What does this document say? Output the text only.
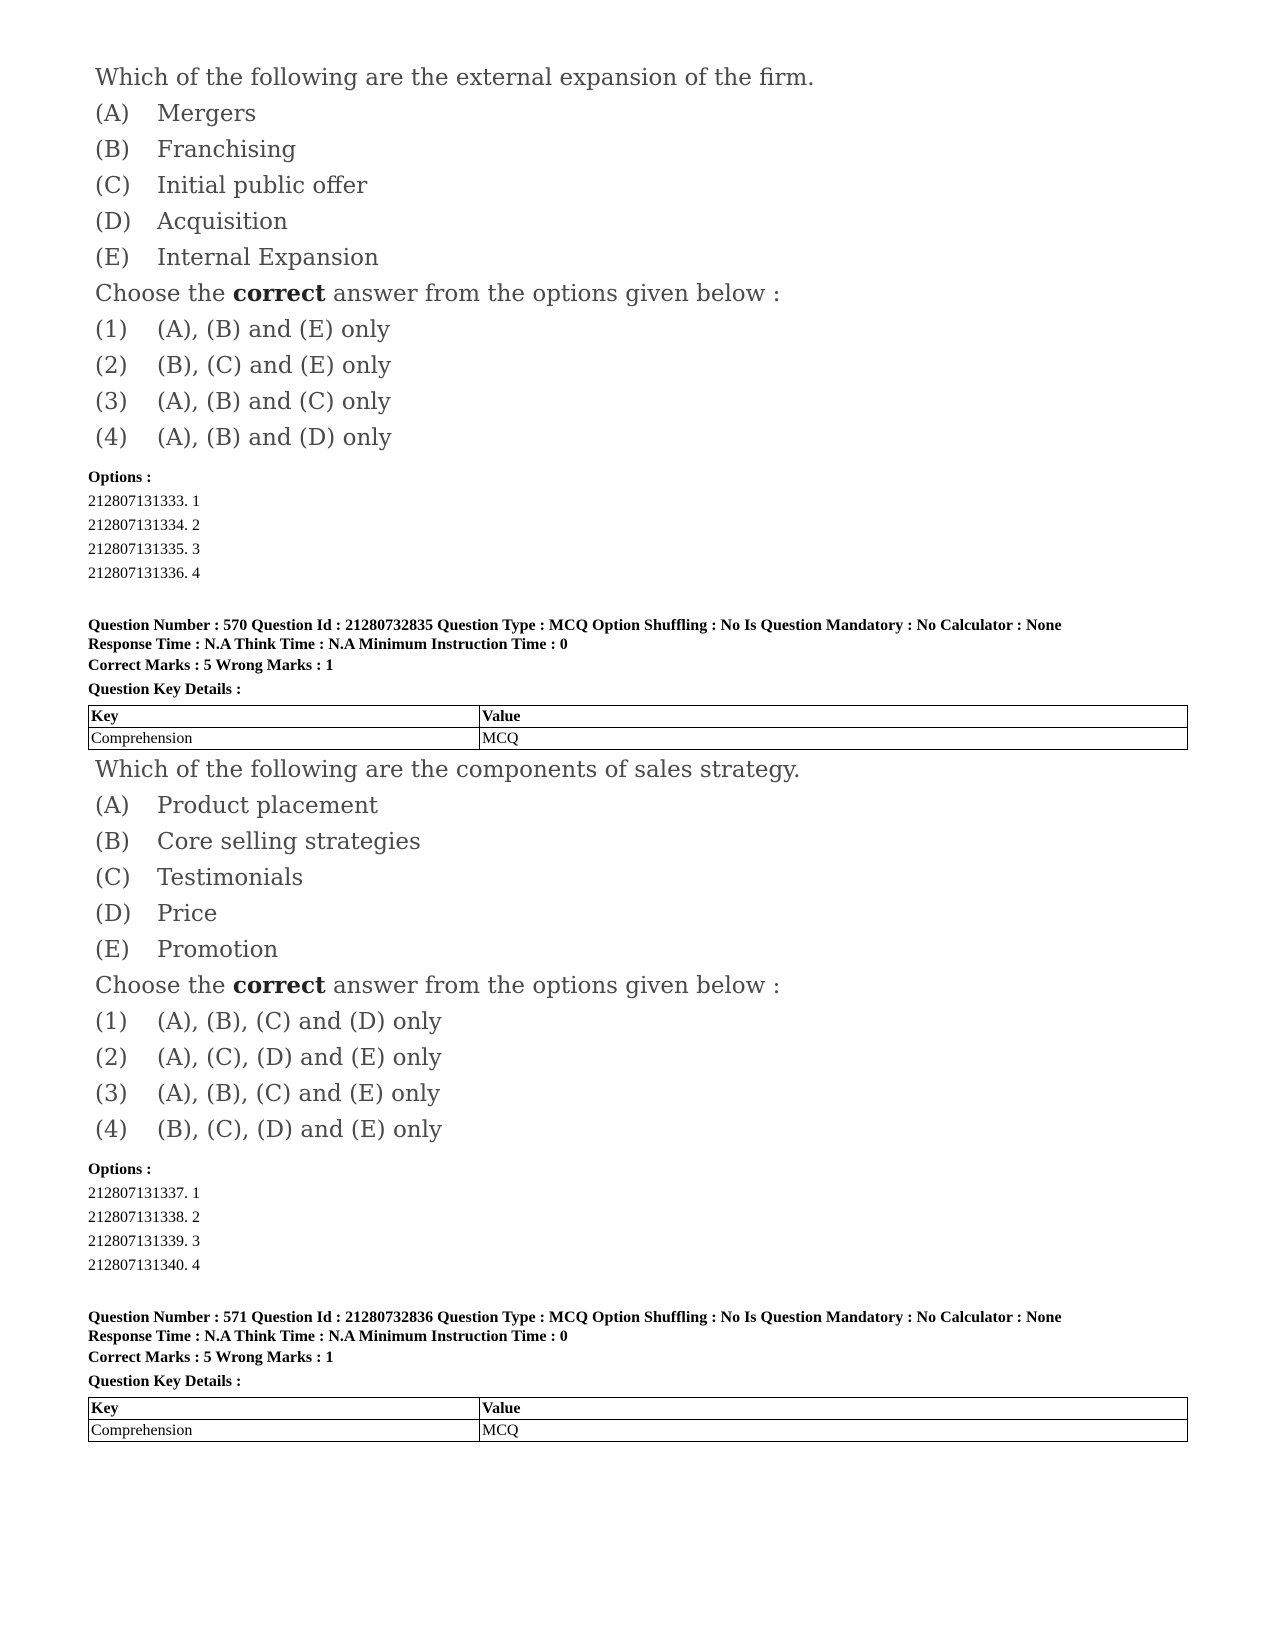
Which of the following are the external expansion of the firm.
(A)	Mergers
(B)	Franchising
(C)	Initial public offer
(D)	Acquisition
(E)	Internal Expansion
Choose the correct answer from the options given below :
(1)	(A), (B) and (E) only
(2)	(B), (C) and (E) only
(3)	(A), (B) and (C) only
(4)	(A), (B) and (D) only
Options :
212807131333. 1
212807131334. 2
212807131335. 3
212807131336. 4
Question Number : 570 Question Id : 21280732835 Question Type : MCQ Option Shuffling : No Is Question Mandatory : No Calculator : None
Response Time : N.A Think Time : N.A Minimum Instruction Time : 0
Correct Marks : 5 Wrong Marks : 1
Question Key Details :
Key	Value
Comprehension	MCQ
Which of the following are the components of sales strategy.
(A)	Product placement
(B)	Core selling strategies
(C)	Testimonials
(D)	Price
(E)	Promotion
Choose the correct answer from the options given below :
(1)	(A), (B), (C) and (D) only
(2)	(A), (C), (D) and (E) only
(3)	(A), (B), (C) and (E) only
(4)	(B), (C), (D) and (E) only
Options :
212807131337. 1
212807131338. 2
212807131339. 3
212807131340. 4
Question Number : 571 Question Id : 21280732836 Question Type : MCQ Option Shuffling : No Is Question Mandatory : No Calculator : None
Response Time : N.A Think Time : N.A Minimum Instruction Time : 0
Correct Marks : 5 Wrong Marks : 1
Question Key Details :
Key	Value
Comprehension	MCQ
